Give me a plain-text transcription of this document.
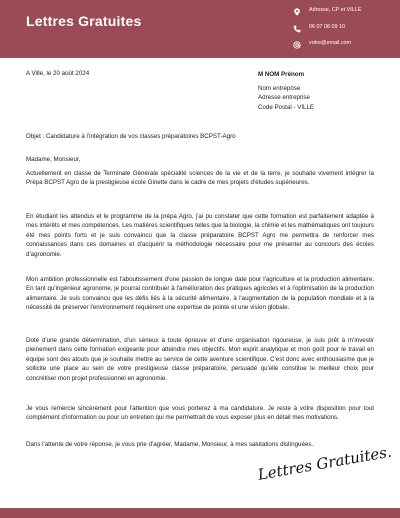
Lettres Gratuites
Adresse, CP et VILLE
06 07 08 09 10
votre@email.com
A Ville, le 20 août 2024	M NOM Prénom
Nom entreprise
Adresse entreprise
Code Postal - VILLE
Objet : Candidature à l'intégration de vos classes préparatoires BCPST-Agro
Madame, Monsieur,

Actuellement en classe de Terminale Générale spécialité sciences de la vie et de la terre, je souhaite vivement intégrer la Prépa BCPST Agro de la prestigieuse école Ginette dans le cadre de mes projets d'études supérieures.

En étudiant les attendus et le programme de la prépa Agro, j'ai pu constater que cette formation est parfaitement adaptée à mes intérêts et mes compétences. Les matières scientifiques telles que la biologie, la chimie et les mathématiques ont toujours été mes points forts et je suis convaincu que la classe préparatoire BCPST Agro me permettra de renforcer mes connaissances dans ces domaines et d'acquérir la méthodologie nécessaire pour me présenter au concours des écoles d'agronomie.

Mon ambition professionnelle est l'aboutissement d'une passion de longue date pour l'agriculture et la production alimentaire. En tant qu'ingénieur agronome, je pourrai contribuer à l'amélioration des pratiques agricoles et à l'optimisation de la production alimentaire. Je suis convaincu que les défis liés à la sécurité alimentaire, à l'augmentation de la population mondiale et à la nécessité de préserver l'environnement requièrent une expertise de pointe et une vision globale.

Doté d'une grande détermination, d'un sérieux à toute épreuve et d'une organisation rigoureuse, je suis prêt à m'investir pleinement dans cette formation exigeante pour atteindre mes objectifs. Mon esprit analytique et mon goût pour le travail en équipe sont des atouts que je souhaite mettre au service de cette aventure scientifique. C'est donc avec enthousiasme que je sollicite une place au sein de votre prestigieuse classe préparatoire, persuadé qu'elle constitue le meilleur choix pour concrétiser mon projet professionnel en agronomie.

Je vous remercie sincèrement pour l'attention que vous porterez à ma candidature. Je reste à votre disposition pour tout complément d'information ou pour un entretien qui me permettrait de vous exposer plus en détail mes motivations.

Dans l'attente de votre réponse, je vous prie d'agréer, Madame, Monsieur, à mes salutations distinguées.

Lettres Gratuites.
